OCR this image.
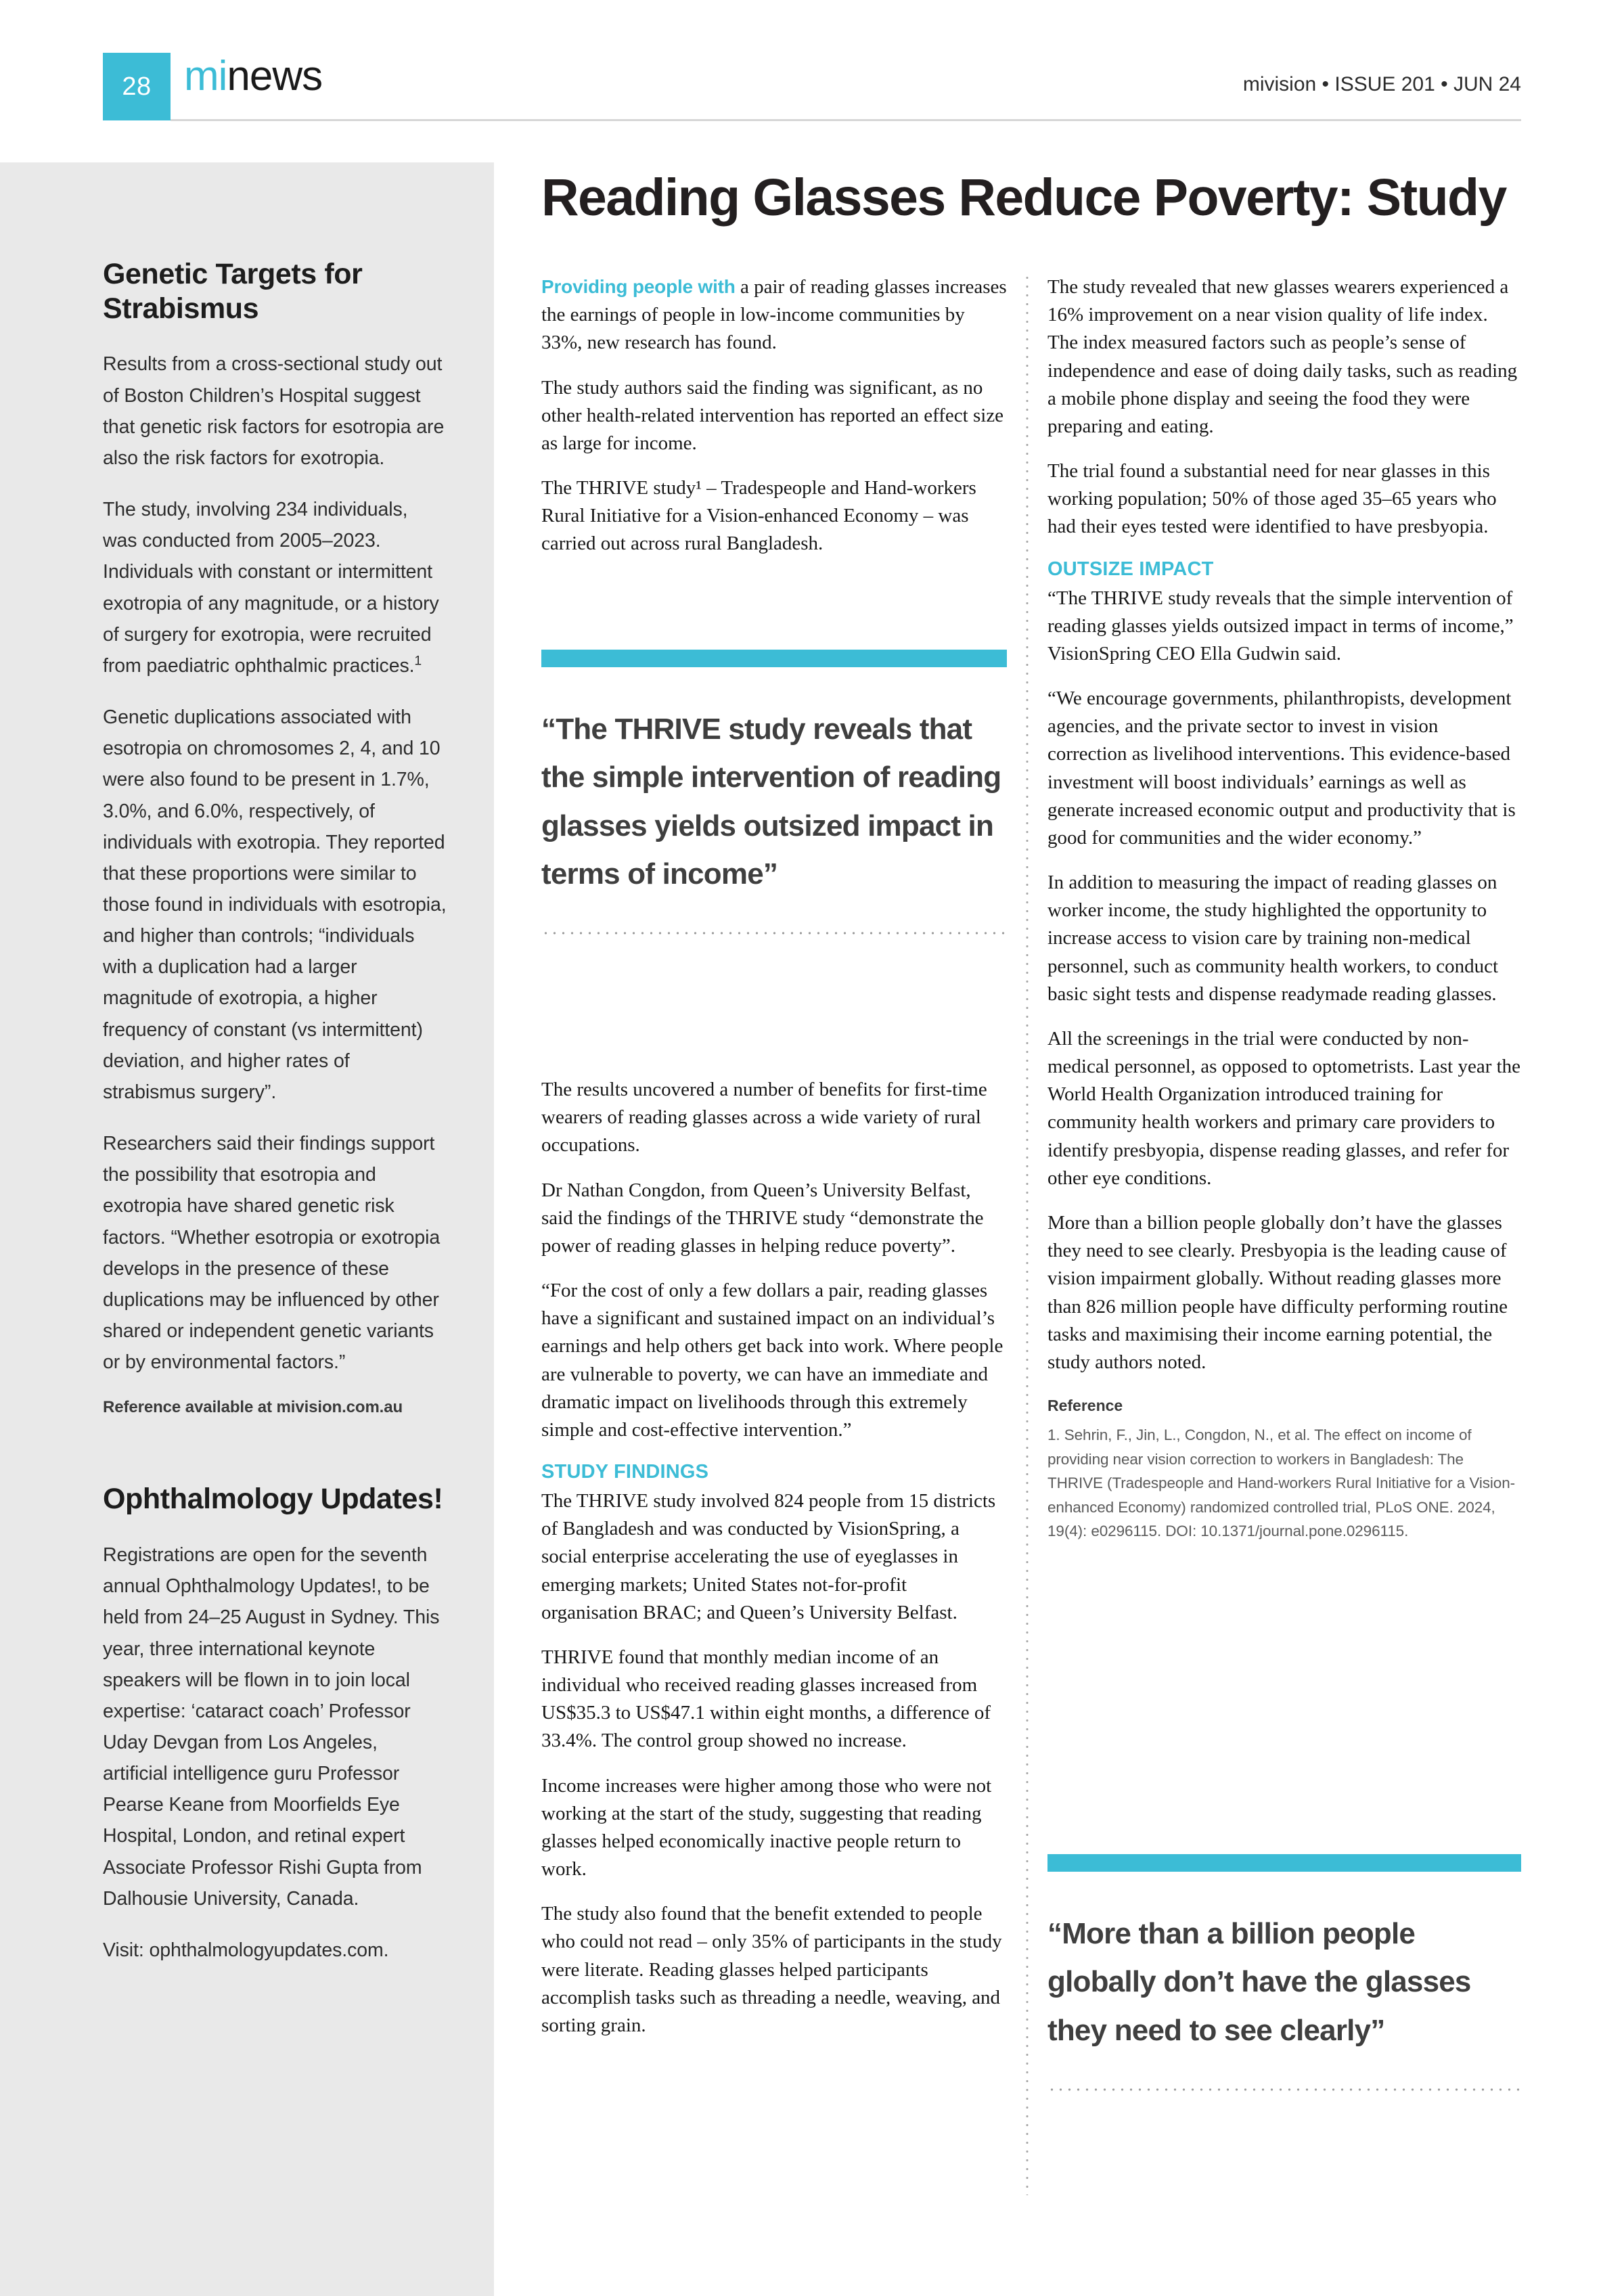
28 minews	mivision • ISSUE 201 • JUN 24
Genetic Targets for Strabismus

Results from a cross-sectional study out of Boston Children’s Hospital suggest that genetic risk factors for esotropia are also the risk factors for exotropia.

The study, involving 234 individuals, was conducted from 2005–2023. Individuals with constant or intermittent exotropia of any magnitude, or a history of surgery for exotropia, were recruited from paediatric ophthalmic practices.$^1$

Genetic duplications associated with esotropia on chromosomes 2, 4, and 10 were also found to be present in 1.7%, 3.0%, and 6.0%, respectively, of individuals with exotropia. They reported that these proportions were similar to those found in individuals with esotropia, and higher than controls; “individuals with a duplication had a larger magnitude of exotropia, a higher frequency of constant (vs intermittent) deviation, and higher rates of strabismus surgery”.

Researchers said their findings support the possibility that esotropia and exotropia have shared genetic risk factors. “Whether esotropia or exotropia develops in the presence of these duplications may be influenced by other shared or independent genetic variants or by environmental factors.”

Reference available at mivision.com.au

Ophthalmology Updates!

Registrations are open for the seventh annual Ophthalmology Updates!, to be held from 24–25 August in Sydney. This year, three international keynote speakers will be flown in to join local expertise: ‘cataract coach’ Professor Uday Devgan from Los Angeles, artificial intelligence guru Professor Pearse Keane from Moorfields Eye Hospital, London, and retinal expert Associate Professor Rishi Gupta from Dalhousie University, Canada.

Visit: ophthalmologyupdates.com.

Reading Glasses Reduce Poverty: Study

Providing people with a pair of reading glasses increases the earnings of people in low-income communities by 33%, new research has found.

The study authors said the finding was significant, as no other health-related intervention has reported an effect size as large for income.

The THRIVE study¹ – Tradespeople and Hand-workers Rural Initiative for a Vision-enhanced Economy – was carried out across rural Bangladesh.

“The THRIVE study reveals that the simple intervention of reading glasses yields outsized impact in terms of income”

The results uncovered a number of benefits for first-time wearers of reading glasses across a wide variety of rural occupations.

Dr Nathan Congdon, from Queen’s University Belfast, said the findings of the THRIVE study “demonstrate the power of reading glasses in helping reduce poverty”.

“For the cost of only a few dollars a pair, reading glasses have a significant and sustained impact on an individual’s earnings and help others get back into work. Where people are vulnerable to poverty, we can have an immediate and dramatic impact on livelihoods through this extremely simple and cost-effective intervention.”

STUDY FINDINGS

The THRIVE study involved 824 people from 15 districts of Bangladesh and was conducted by VisionSpring, a social enterprise accelerating the use of eyeglasses in emerging markets; United States not-for-profit organisation BRAC; and Queen’s University Belfast.

THRIVE found that monthly median income of an individual who received reading glasses increased from US$35.3 to US$47.1 within eight months, a difference of 33.4%. The control group showed no increase.

Income increases were higher among those who were not working at the start of the study, suggesting that reading glasses helped economically inactive people return to work.

The study also found that the benefit extended to people who could not read – only 35% of participants in the study were literate. Reading glasses helped participants accomplish tasks such as threading a needle, weaving, and sorting grain.

The study revealed that new glasses wearers experienced a 16% improvement on a near vision quality of life index. The index measured factors such as people’s sense of independence and ease of doing daily tasks, such as reading a mobile phone display and seeing the food they were preparing and eating.

The trial found a substantial need for near glasses in this working population; 50% of those aged 35–65 years who had their eyes tested were identified to have presbyopia.

OUTSIZE IMPACT

“The THRIVE study reveals that the simple intervention of reading glasses yields outsized impact in terms of income,” VisionSpring CEO Ella Gudwin said.

“We encourage governments, philanthropists, development agencies, and the private sector to invest in vision correction as livelihood interventions. This evidence-based investment will boost individuals’ earnings as well as generate increased economic output and productivity that is good for communities and the wider economy.”

In addition to measuring the impact of reading glasses on worker income, the study highlighted the opportunity to increase access to vision care by training non-medical personnel, such as community health workers, to conduct basic sight tests and dispense readymade reading glasses.

All the screenings in the trial were conducted by non-medical personnel, as opposed to optometrists. Last year the World Health Organization introduced training for community health workers and primary care providers to identify presbyopia, dispense reading glasses, and refer for other eye conditions.

More than a billion people globally don’t have the glasses they need to see clearly. Presbyopia is the leading cause of vision impairment globally. Without reading glasses more than 826 million people have difficulty performing routine tasks and maximising their income earning potential, the study authors noted.

Reference
1. Sehrin, F., Jin, L., Congdon, N., et al. The effect on income of providing near vision correction to workers in Bangladesh: The THRIVE (Tradespeople and Hand-workers Rural Initiative for a Vision-enhanced Economy) randomized controlled trial, PLoS ONE. 2024, 19(4): e0296115. DOI: 10.1371/journal.pone.0296115.
“More than a billion people globally don’t have the glasses they need to see clearly”
